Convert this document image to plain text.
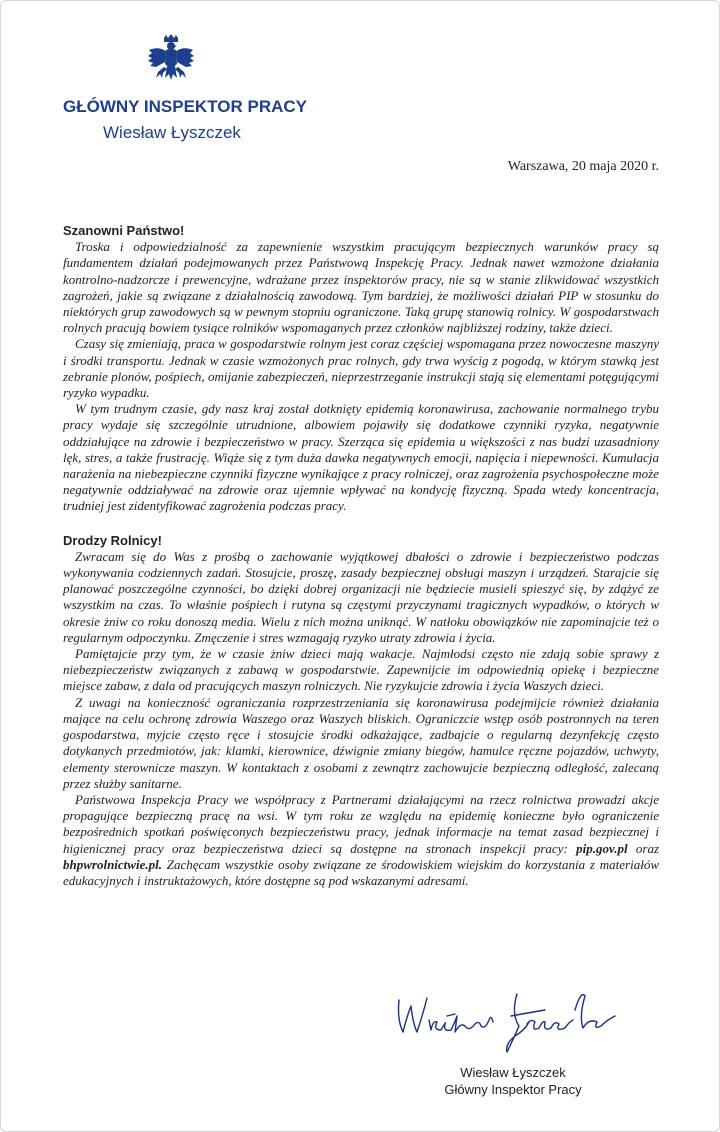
GŁÓWNY INSPEKTOR PRACY
Wiesław Łyszczek
Warszawa, 20 maja 2020 r.
Szanowni Państwo!

Troska i odpowiedzialność za zapewnienie wszystkim pracującym bezpiecznych warunków pracy są fundamentem działań podejmowanych przez Państwową Inspekcję Pracy. Jednak nawet wzmożone działania kontrolno-nadzorcze i prewencyjne, wdrażane przez inspektorów pracy, nie są w stanie zlikwidować wszystkich zagrożeń, jakie są związane z działalnością zawodową. Tym bardziej, że możliwości działań PIP w stosunku do niektórych grup zawodowych są w pewnym stopniu ograniczone. Taką grupę stanowią rolnicy. W gospodarstwach rolnych pracują bowiem tysiące rolników wspomaganych przez członków najbliższej rodziny, także dzieci.

Czasy się zmieniają, praca w gospodarstwie rolnym jest coraz częściej wspomagana przez nowoczesne maszyny i środki transportu. Jednak w czasie wzmożonych prac rolnych, gdy trwa wyścig z pogodą, w którym stawką jest zebranie plonów, pośpiech, omijanie zabezpieczeń, nieprzestrzeganie instrukcji stają się elementami potęgującymi ryzyko wypadku.

W tym trudnym czasie, gdy nasz kraj został dotknięty epidemią koronawirusa, zachowanie normalnego trybu pracy wydaje się szczególnie utrudnione, albowiem pojawiły się dodatkowe czynniki ryzyka, negatywnie oddziałujące na zdrowie i bezpieczeństwo w pracy. Szerząca się epidemia u większości z nas budzi uzasadniony lęk, stres, a także frustrację. Wiąże się z tym duża dawka negatywnych emocji, napięcia i niepewności. Kumulacja narażenia na niebezpieczne czynniki fizyczne wynikające z pracy rolniczej, oraz zagrożenia psychospołeczne może negatywnie oddziaływać na zdrowie oraz ujemnie wpływać na kondycję fizyczną. Spada wtedy koncentracja, trudniej jest zidentyfikować zagrożenia podczas pracy.

Drodzy Rolnicy!

Zwracam się do Was z prośbą o zachowanie wyjątkowej dbałości o zdrowie i bezpieczeństwo podczas wykonywania codziennych zadań. Stosujcie, proszę, zasady bezpiecznej obsługi maszyn i urządzeń. Starajcie się planować poszczególne czynności, bo dzięki dobrej organizacji nie będziecie musieli spieszyć się, by zdążyć ze wszystkim na czas. To właśnie pośpiech i rutyna są częstymi przyczynami tragicznych wypadków, o których w okresie żniw co roku donoszą media. Wielu z nich można uniknąć. W natłoku obowiązków nie zapominajcie też o regularnym odpoczynku. Zmęczenie i stres wzmagają ryzyko utraty zdrowia i życia.

Pamiętajcie przy tym, że w czasie żniw dzieci mają wakacje. Najmłodsi często nie zdają sobie sprawy z niebezpieczeństw związanych z zabawą w gospodarstwie. Zapewnijcie im odpowiednią opiekę i bezpieczne miejsce zabaw, z dala od pracujących maszyn rolniczych. Nie ryzykujcie zdrowia i życia Waszych dzieci.

Z uwagi na konieczność ograniczania rozprzestrzeniania się koronawirusa podejmijcie również działania mające na celu ochronę zdrowia Waszego oraz Waszych bliskich. Ograniczcie wstęp osób postronnych na teren gospodarstwa, myjcie często ręce i stosujcie środki odkażające, zadbajcie o regularną dezynfekcję często dotykanych przedmiotów, jak: klamki, kierownice, dźwignie zmiany biegów, hamulce ręczne pojazdów, uchwyty, elementy sterownicze maszyn. W kontaktach z osobami z zewnątrz zachowujcie bezpieczną odległość, zalecaną przez służby sanitarne.

Państwowa Inspekcja Pracy we współpracy z Partnerami działającymi na rzecz rolnictwa prowadzi akcje propagujące bezpieczną pracę na wsi. W tym roku ze względu na epidemię konieczne było ograniczenie bezpośrednich spotkań poświęconych bezpieczeństwu pracy, jednak informacje na temat zasad bezpiecznej i higienicznej pracy oraz bezpieczeństwa dzieci są dostępne na stronach inspekcji pracy: pip.gov.pl oraz bhpwrolnictwie.pl. Zachęcam wszystkie osoby związane ze środowiskiem wiejskim do korzystania z materiałów edukacyjnych i instruktażowych, które dostępne są pod wskazanymi adresami.

Wiesław Łyszczek
Główny Inspektor Pracy
